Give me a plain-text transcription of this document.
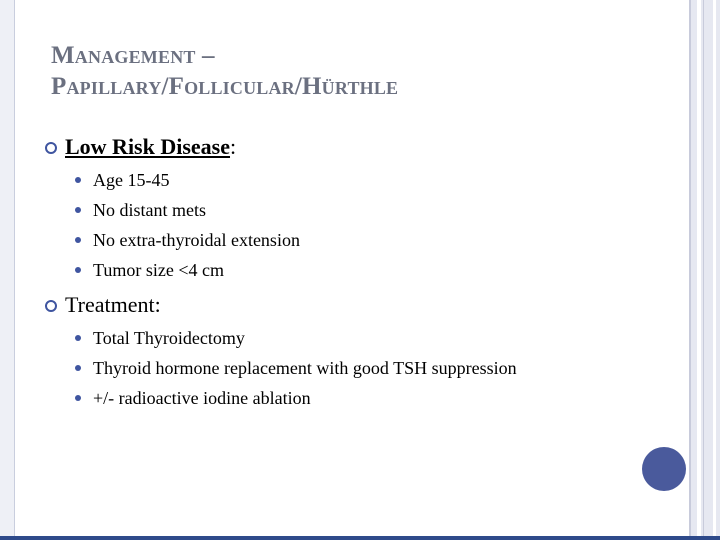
Management –
Papillary/Follicular/Hürthle
Low Risk Disease:
Age 15-45
No distant mets
No extra-thyroidal extension
Tumor size <4 cm
Treatment:
Total Thyroidectomy
Thyroid hormone replacement with good TSH suppression
+/- radioactive iodine ablation
